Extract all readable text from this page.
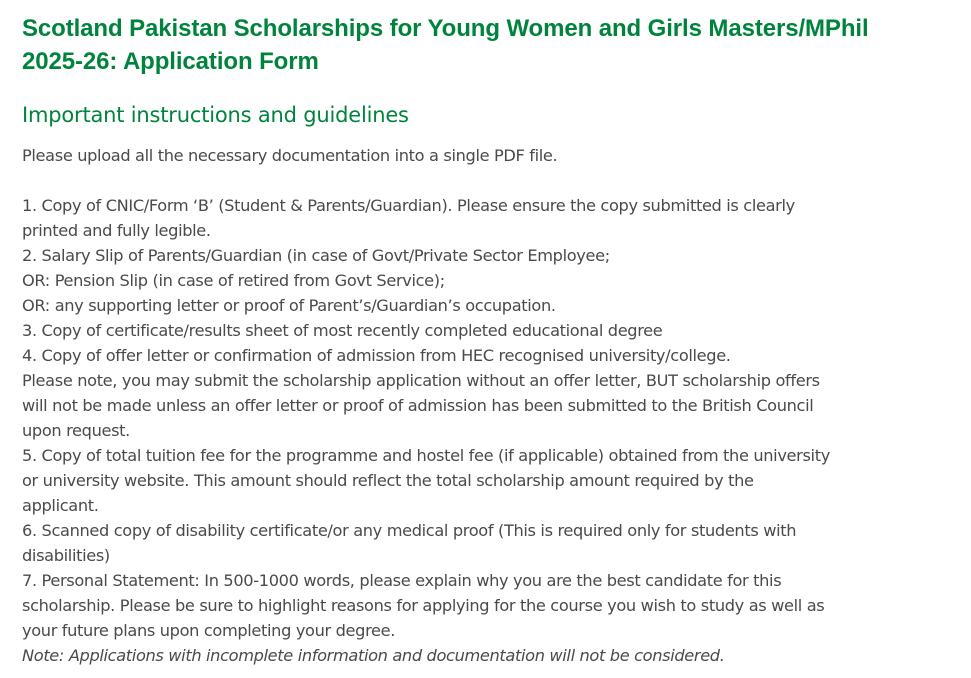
Scotland Pakistan Scholarships for Young Women and Girls Masters/MPhil
2025-26: Application Form
Important instructions and guidelines
Please upload all the necessary documentation into a single PDF file.
1. Copy of CNIC/Form ‘B’ (Student & Parents/Guardian). Please ensure the copy submitted is clearly
printed and fully legible.
2. Salary Slip of Parents/Guardian (in case of Govt/Private Sector Employee;
OR: Pension Slip (in case of retired from Govt Service);
OR: any supporting letter or proof of Parent’s/Guardian’s occupation.
3. Copy of certificate/results sheet of most recently completed educational degree
4. Copy of offer letter or confirmation of admission from HEC recognised university/college.
Please note, you may submit the scholarship application without an offer letter, BUT scholarship offers
will not be made unless an offer letter or proof of admission has been submitted to the British Council
upon request.
5. Copy of total tuition fee for the programme and hostel fee (if applicable) obtained from the university
or university website. This amount should reflect the total scholarship amount required by the
applicant.
6. Scanned copy of disability certificate/or any medical proof (This is required only for students with
disabilities)
7. Personal Statement: In 500-1000 words, please explain why you are the best candidate for this
scholarship. Please be sure to highlight reasons for applying for the course you wish to study as well as
your future plans upon completing your degree.
Note: Applications with incomplete information and documentation will not be considered.
